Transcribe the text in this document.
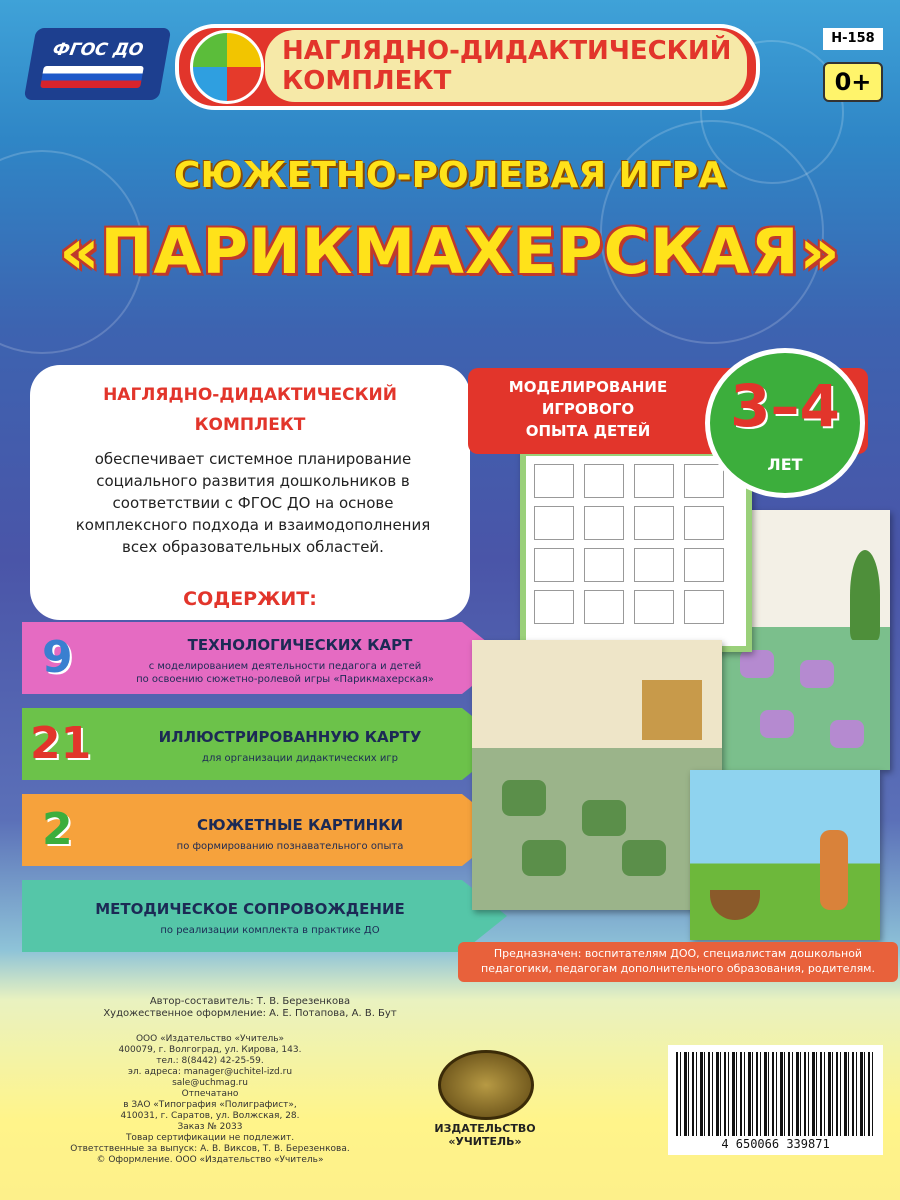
ФГОС ДО	НАГЛЯДНО-ДИДАКТИЧЕСКИЙ
КОМПЛЕКТ
Н-158
0+
СЮЖЕТНО-РОЛЕВАЯ ИГРА
«ПАРИКМАХЕРСКАЯ»
НАГЛЯДНО-ДИДАКТИЧЕСКИЙ
КОМПЛЕКТ
обеспечивает системное планирование социального развития дошкольников в соответствии с ФГОС ДО на основе комплексного подхода и взаимодополнения всех образовательных областей.
СОДЕРЖИТ:
9	ТЕХНОЛОГИЧЕСКИХ КАРТ
с моделированием деятельности педагога и детей
по освоению сюжетно-ролевой игры «Парикмахерская»
21	ИЛЛЮСТРИРОВАННУЮ КАРТУ
для организации дидактических игр
2	СЮЖЕТНЫЕ КАРТИНКИ
по формированию познавательного опыта
МЕТОДИЧЕСКОЕ СОПРОВОЖДЕНИЕ
по реализации комплекта в практике ДО
МОДЕЛИРОВАНИЕ
ИГРОВОГО
ОПЫТА ДЕТЕЙ	3–4
ЛЕТ
Предназначен: воспитателям ДОО, специалистам дошкольной
педагогики, педагогам дополнительного образования, родителям.
Автор-составитель: Т. В. Березенкова
Художественное оформление: А. Е. Потапова, А. В. Бут
ООО «Издательство «Учитель»
400079, г. Волгоград, ул. Кирова, 143.
тел.: 8(8442) 42-25-59.
эл. адреса: manager@uchitel-izd.ru
sale@uchmag.ru
Отпечатано
в ЗАО «Типография «Полиграфист»,
410031, г. Саратов, ул. Волжская, 28.
Заказ № 2033
Товар сертификации не подлежит.
Ответственные за выпуск: А. В. Виксов, Т. В. Березенкова.
© Оформление. ООО «Издательство «Учитель»
ИЗДАТЕЛЬСТВО
«УЧИТЕЛЬ»	4 650066 339871
